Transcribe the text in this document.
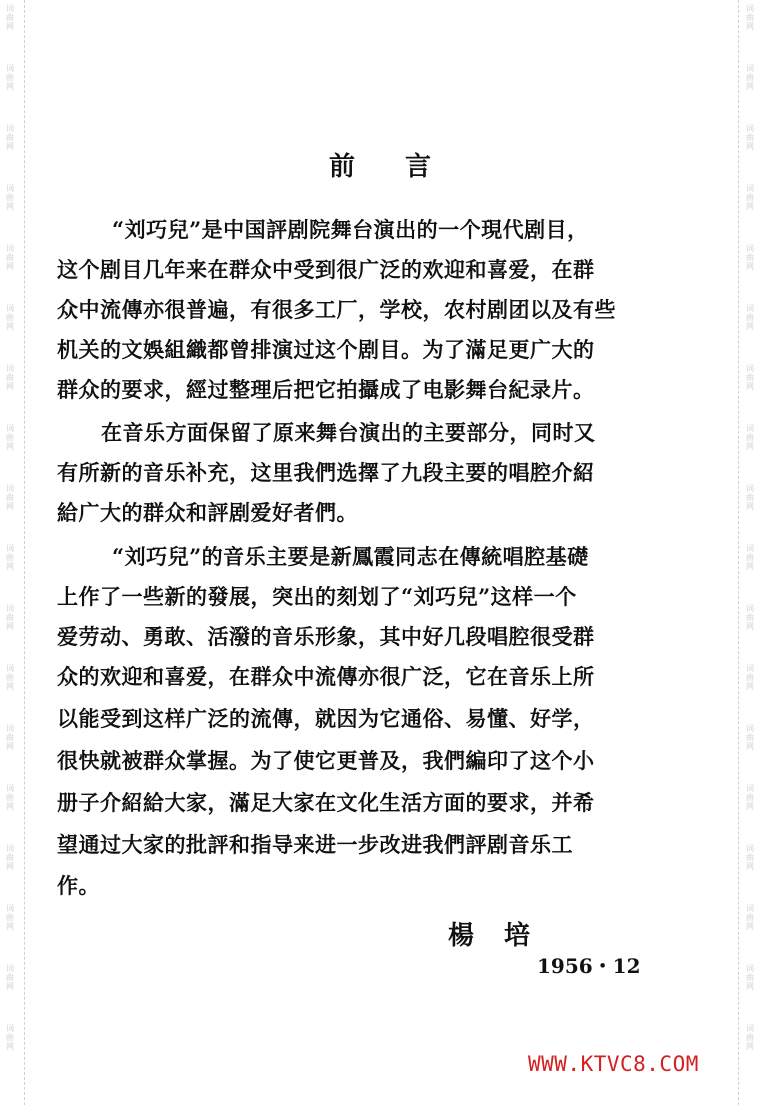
词
曲
网
词
曲
网
词
曲
网
词
曲
网
词
曲
网
词
曲
网
词
曲
网
词
曲
网
词
曲
网
词
曲
网
词
曲
网
词
曲
网
词
曲
网
词
曲
网
词
曲
网
词
曲
网
词
曲
网
词
曲
网
词
曲
网
词
曲
网
词
曲
网
词
曲
网
词
曲
网
词
曲
网
词
曲
网
词
曲
网
词
曲
网
词
曲
网
词
曲
网
词
曲
网
词
曲
网
词
曲
网
词
曲
网
词
曲
网
词
曲
网
词
曲
网
前言
“刘巧兒”是中国評剧院舞台演出的一个現代剧目，
这个剧目几年来在群众中受到很广泛的欢迎和喜爱，在群
众中流傳亦很普遍，有很多工厂，学校，农村剧团以及有些
机关的文娛組織都曾排演过这个剧目。为了滿足更广大的
群众的要求，經过整理后把它拍攝成了电影舞台紀录片。
在音乐方面保留了原来舞台演出的主要部分，同时又
有所新的音乐补充，这里我們选擇了九段主要的唱腔介紹
給广大的群众和評剧爱好者們。
“刘巧兒”的音乐主要是新鳳霞同志在傳統唱腔基礎
上作了一些新的發展，突出的刻划了“刘巧兒”这样一个
爱劳动、勇敢、活潑的音乐形象，其中好几段唱腔很受群
众的欢迎和喜爱，在群众中流傳亦很广泛，它在音乐上所
以能受到这样广泛的流傳，就因为它通俗、易懂、好学，
很快就被群众掌握。为了使它更普及，我們編印了这个小
册子介紹給大家，滿足大家在文化生活方面的要求，并希
望通过大家的批評和指导来进一步改进我們評剧音乐工
作。
楊培
1956・12
WWW.KTVC8.COM
